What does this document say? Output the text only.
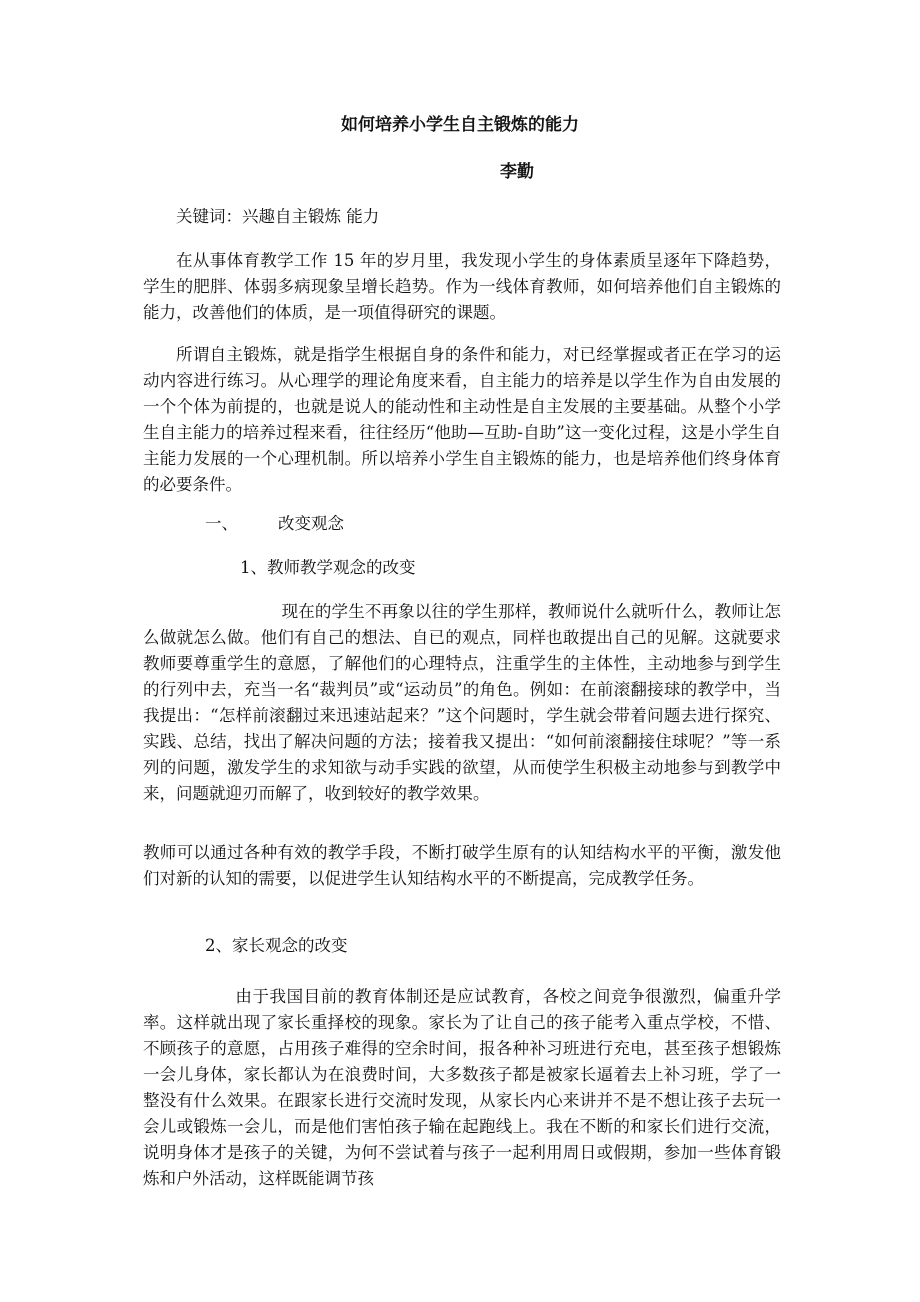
如何培养小学生自主锻炼的能力
李勤

关键词：兴趣自主锻炼 能力

在从事体育教学工作 15 年的岁月里，我发现小学生的身体素质呈逐年下降趋势，学生的肥胖、体弱多病现象呈增长趋势。作为一线体育教师，如何培养他们自主锻炼的能力，改善他们的体质，是一项值得研究的课题。

所谓自主锻炼，就是指学生根据自身的条件和能力，对已经掌握或者正在学习的运动内容进行练习。从心理学的理论角度来看，自主能力的培养是以学生作为自由发展的一个个体为前提的，也就是说人的能动性和主动性是自主发展的主要基础。从整个小学生自主能力的培养过程来看，往往经历“他助—互助-自助”这一变化过程，这是小学生自主能力发展的一个心理机制。所以培养小学生自主锻炼的能力，也是培养他们终身体育的必要条件。

一、 改变观念

1、教师教学观念的改变

现在的学生不再象以往的学生那样，教师说什么就听什么，教师让怎么做就怎么做。他们有自己的想法、自已的观点，同样也敢提出自己的见解。这就要求教师要尊重学生的意愿，了解他们的心理特点，注重学生的主体性，主动地参与到学生的行列中去，充当一名“裁判员”或“运动员”的角色。例如：在前滚翻接球的教学中，当我提出：“怎样前滚翻过来迅速站起来？”这个问题时，学生就会带着问题去进行探究、实践、总结，找出了解决问题的方法；接着我又提出：“如何前滚翻接住球呢？”等一系列的问题，激发学生的求知欲与动手实践的欲望，从而使学生积极主动地参与到教学中来，问题就迎刃而解了，收到较好的教学效果。

教师可以通过各种有效的教学手段，不断打破学生原有的认知结构水平的平衡，激发他们对新的认知的需要，以促进学生认知结构水平的不断提高，完成教学任务。

2、家长观念的改变

由于我国目前的教育体制还是应试教育，各校之间竞争很激烈，偏重升学率。这样就出现了家长重择校的现象。家长为了让自己的孩子能考入重点学校，不惜、不顾孩子的意愿，占用孩子难得的空余时间，报各种补习班进行充电，甚至孩子想锻炼一会儿身体，家长都认为在浪费时间，大多数孩子都是被家长逼着去上补习班，学了一整没有什么效果。在跟家长进行交流时发现，从家长内心来讲并不是不想让孩子去玩一会儿或锻炼一会儿，而是他们害怕孩子输在起跑线上。我在不断的和家长们进行交流，说明身体才是孩子的关键，为何不尝试着与孩子一起利用周日或假期，参加一些体育锻炼和户外活动，这样既能调节孩
